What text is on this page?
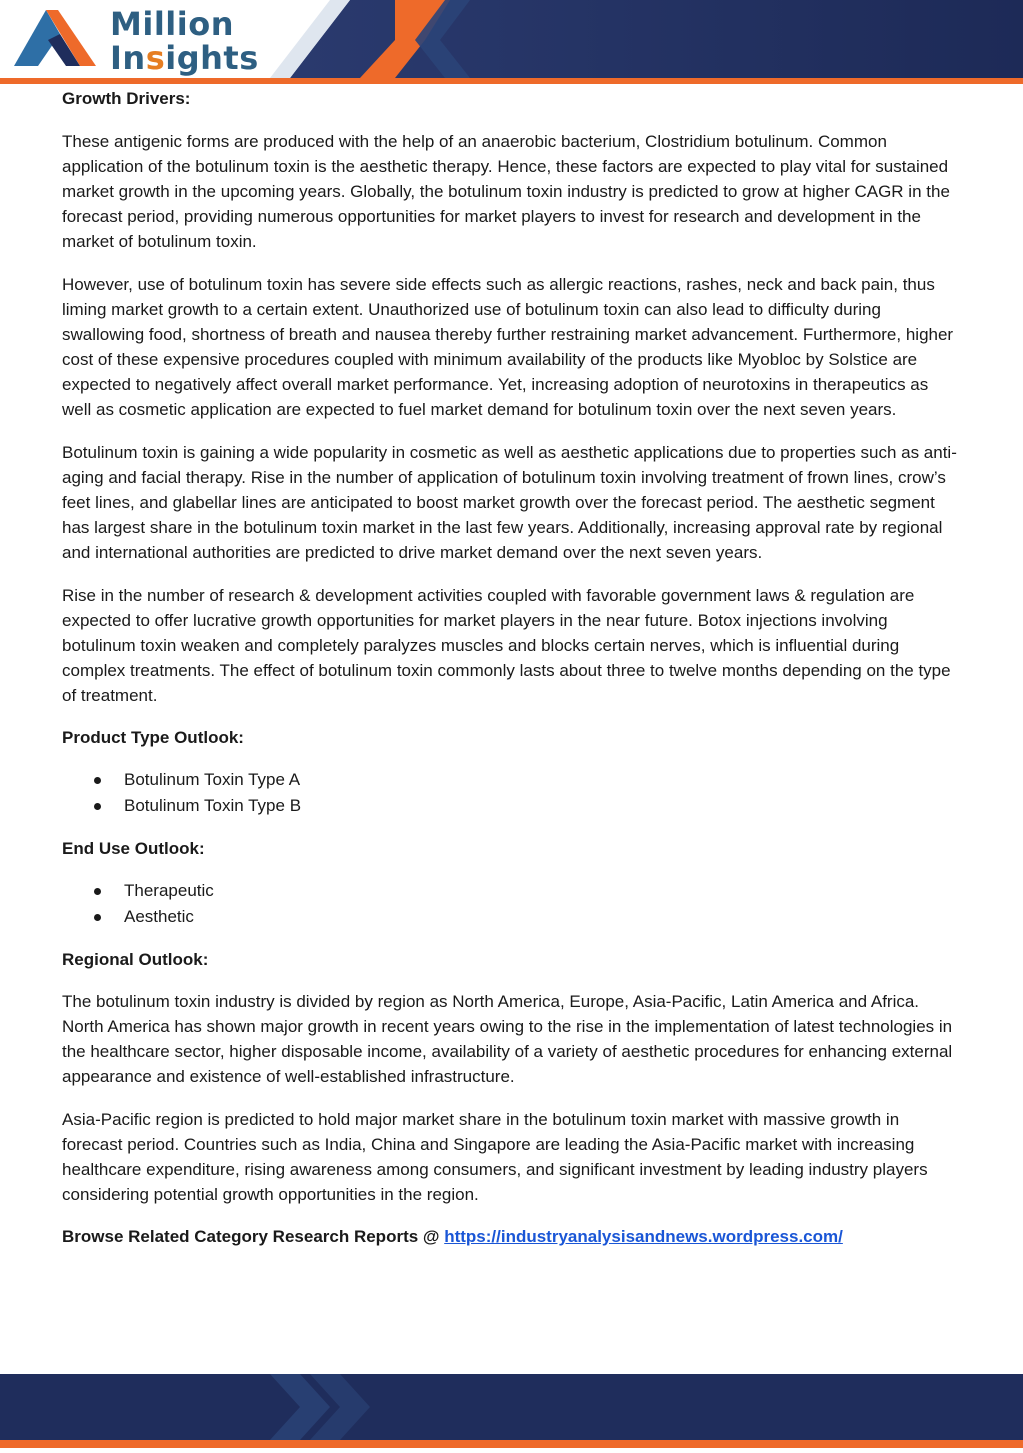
Million
Insights
Growth Drivers:

These antigenic forms are produced with the help of an anaerobic bacterium, Clostridium botulinum. Common application of the botulinum toxin is the aesthetic therapy. Hence, these factors are expected to play vital for sustained market growth in the upcoming years. Globally, the botulinum toxin industry is predicted to grow at higher CAGR in the forecast period, providing numerous opportunities for market players to invest for research and development in the market of botulinum toxin.

However, use of botulinum toxin has severe side effects such as allergic reactions, rashes, neck and back pain, thus liming market growth to a certain extent. Unauthorized use of botulinum toxin can also lead to difficulty during swallowing food, shortness of breath and nausea thereby further restraining market advancement. Furthermore, higher cost of these expensive procedures coupled with minimum availability of the products like Myobloc by Solstice are expected to negatively affect overall market performance. Yet, increasing adoption of neurotoxins in therapeutics as well as cosmetic application are expected to fuel market demand for botulinum toxin over the next seven years.

Botulinum toxin is gaining a wide popularity in cosmetic as well as aesthetic applications due to properties such as anti-aging and facial therapy. Rise in the number of application of botulinum toxin involving treatment of frown lines, crow’s feet lines, and glabellar lines are anticipated to boost market growth over the forecast period. The aesthetic segment has largest share in the botulinum toxin market in the last few years. Additionally, increasing approval rate by regional and international authorities are predicted to drive market demand over the next seven years.

Rise in the number of research & development activities coupled with favorable government laws & regulation are expected to offer lucrative growth opportunities for market players in the near future. Botox injections involving botulinum toxin weaken and completely paralyzes muscles and blocks certain nerves, which is influential during complex treatments. The effect of botulinum toxin commonly lasts about three to twelve months depending on the type of treatment.

Product Type Outlook:
Botulinum Toxin Type A
Botulinum Toxin Type B
End Use Outlook:
Therapeutic
Aesthetic
Regional Outlook:

The botulinum toxin industry is divided by region as North America, Europe, Asia-Pacific, Latin America and Africa. North America has shown major growth in recent years owing to the rise in the implementation of latest technologies in the healthcare sector, higher disposable income, availability of a variety of aesthetic procedures for enhancing external appearance and existence of well-established infrastructure.

Asia-Pacific region is predicted to hold major market share in the botulinum toxin market with massive growth in forecast period. Countries such as India, China and Singapore are leading the Asia-Pacific market with increasing healthcare expenditure, rising awareness among consumers, and significant investment by leading industry players considering potential growth opportunities in the region.

Browse Related Category Research Reports @ https://industryanalysisandnews.wordpress.com/
